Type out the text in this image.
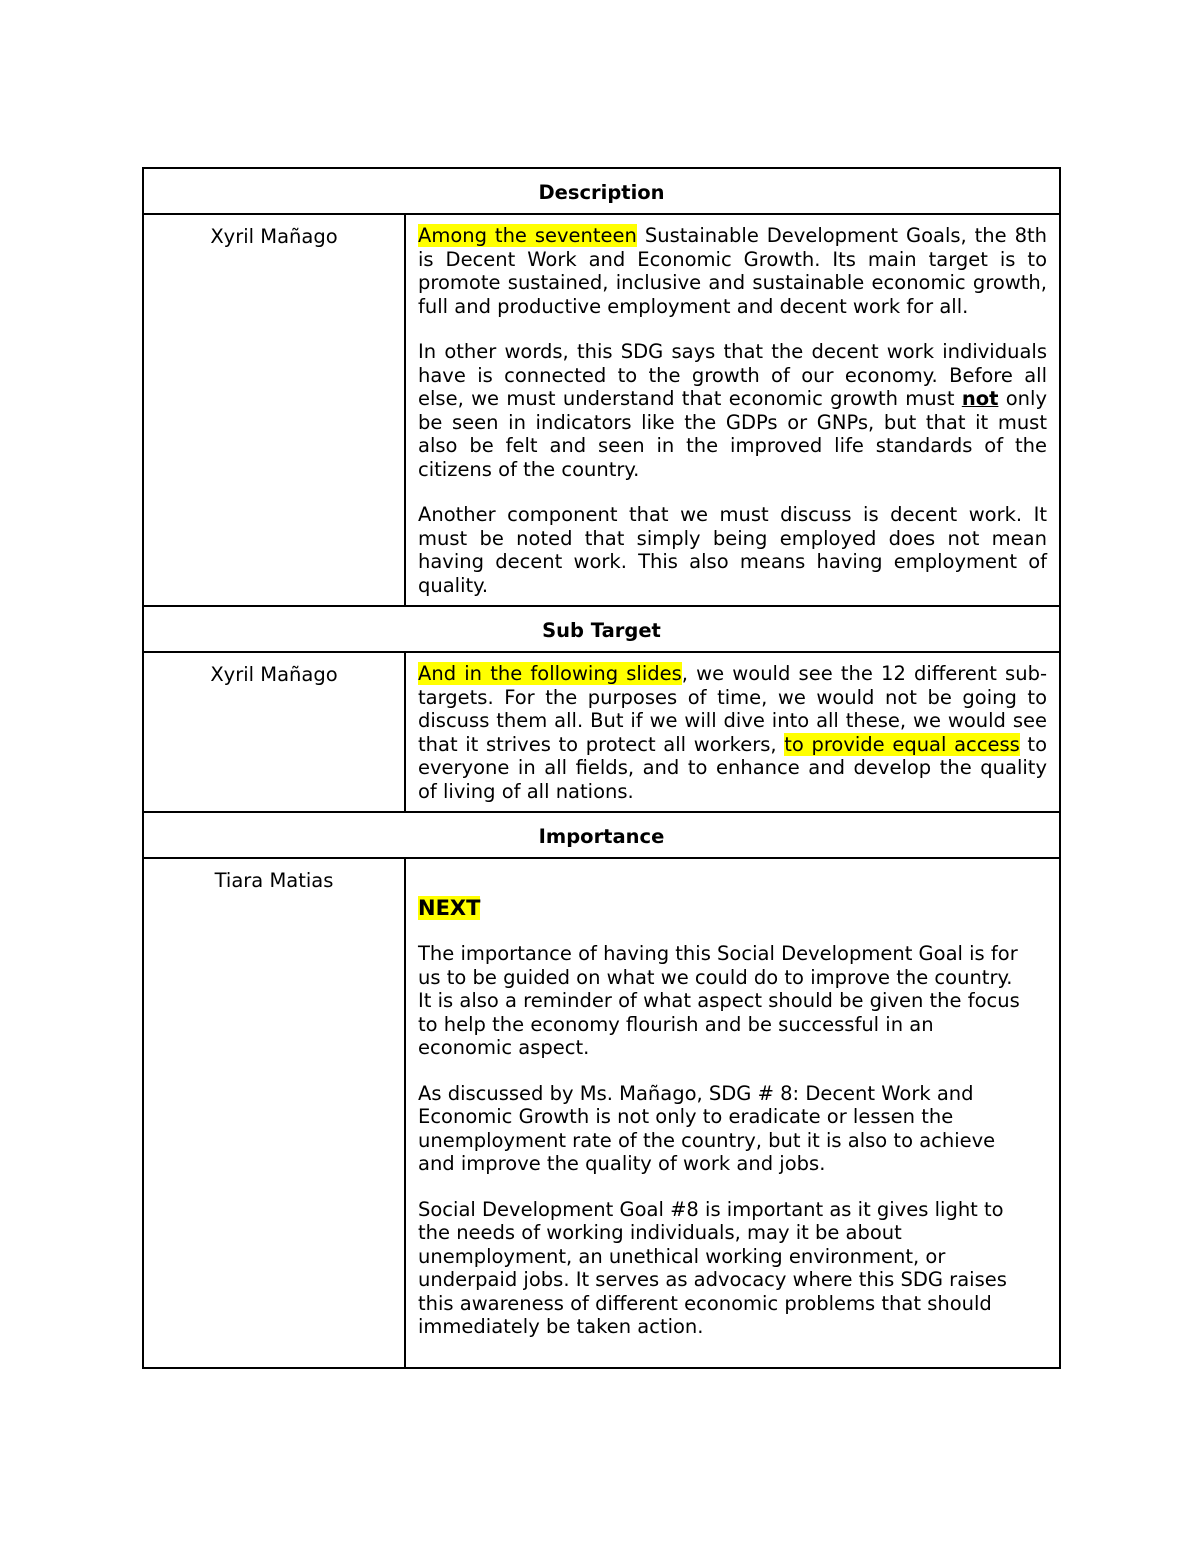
Description	
Xyril Mañago	Among the seventeen Sustainable Development Goals, the 8th is Decent Work and Economic Growth. Its main target is to promote sustained, inclusive and sustainable economic growth, full and productive employment and decent work for all.

In other words, this SDG says that the decent work individuals have is connected to the growth of our economy. Before all else, we must understand that economic growth must not only be seen in indicators like the GDPs or GNPs, but that it must also be felt and seen in the improved life standards of the citizens of the country.

Another component that we must discuss is decent work. It must be noted that simply being employed does not mean having decent work. This also means having employment of quality.

Sub Target	
Xyril Mañago	And in the following slides, we would see the 12 different sub-targets. For the purposes of time, we would not be going to discuss them all. But if we will dive into all these, we would see that it strives to protect all workers, to provide equal access to everyone in all fields, and to enhance and develop the quality of living of all nations.

Importance	
Tiara Matias	NEXT

The importance of having this Social Development Goal is for us to be guided on what we could do to improve the country. It is also a reminder of what aspect should be given the focus to help the economy flourish and be successful in an economic aspect.

As discussed by Ms. Mañago, SDG # 8: Decent Work and Economic Growth is not only to eradicate or lessen the unemployment rate of the country, but it is also to achieve and improve the quality of work and jobs.

Social Development Goal #8 is important as it gives light to the needs of working individuals, may it be about unemployment, an unethical working environment, or underpaid jobs. It serves as advocacy where this SDG raises this awareness of different economic problems that should immediately be taken action.
